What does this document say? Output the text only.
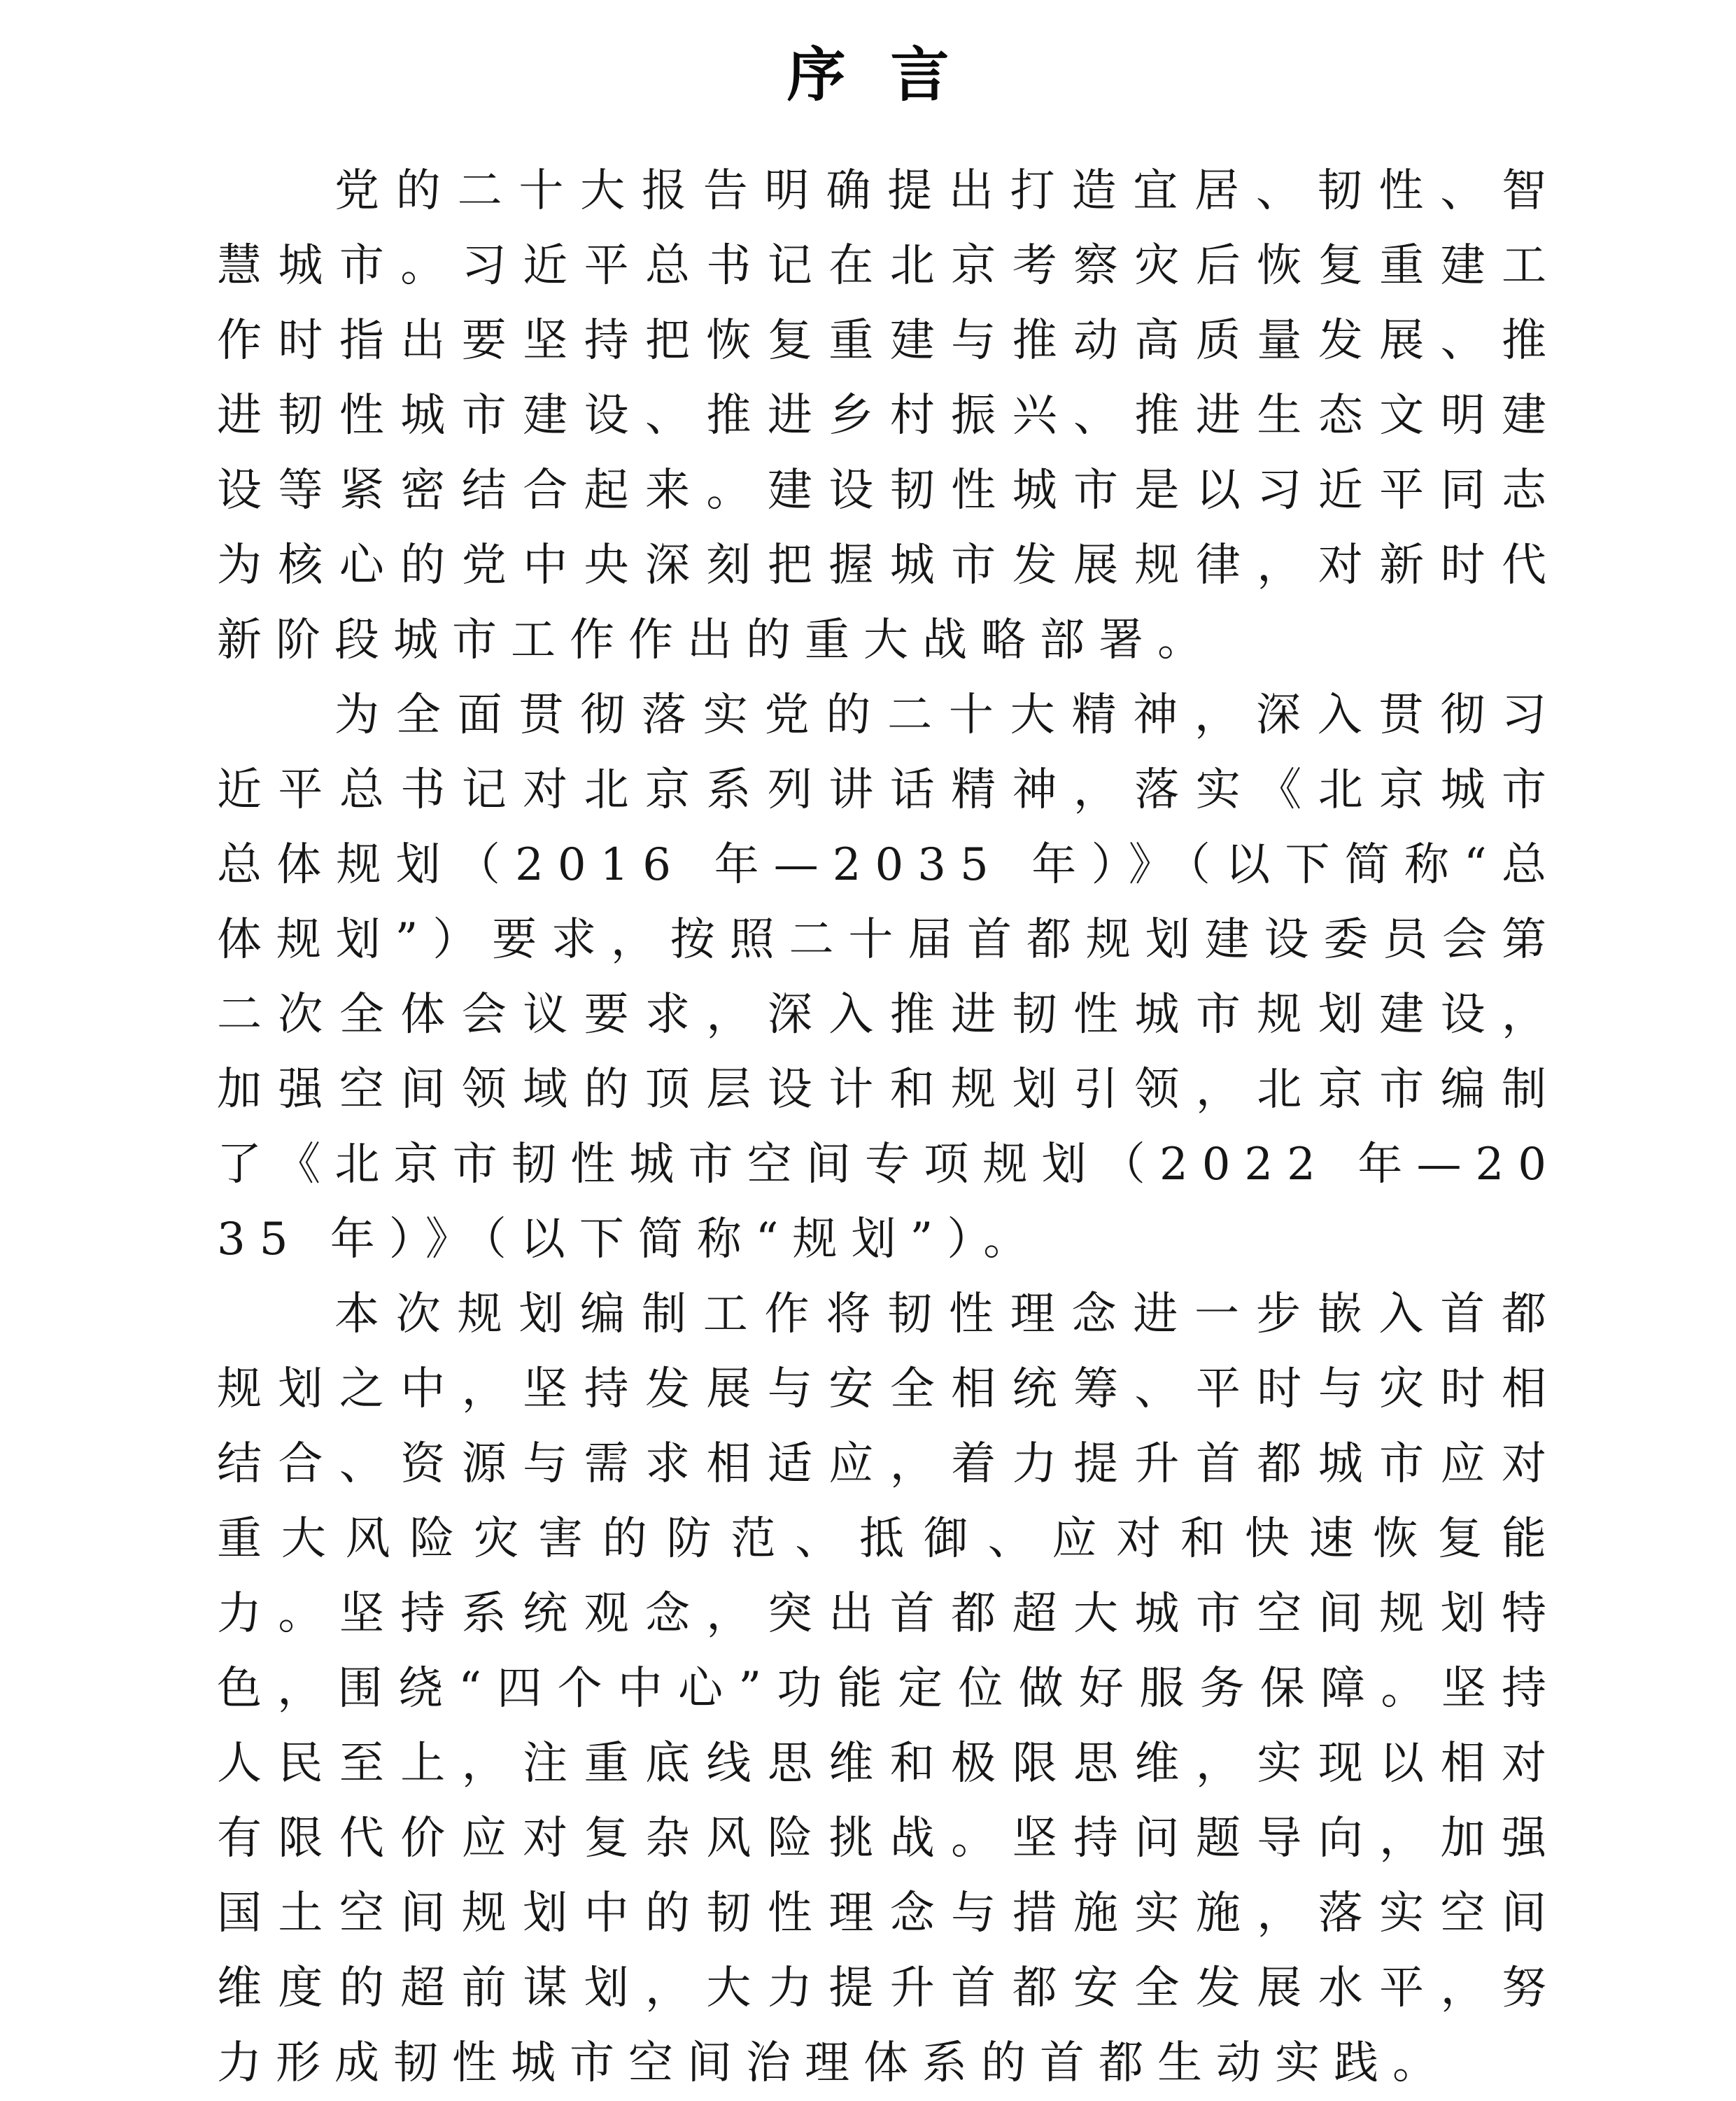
序言

党的二十大报告明确提出打造宜居、韧性、智慧城市。习近平总书记在北京考察灾后恢复重建工作时指出要坚持把恢复重建与推动高质量发展、推进韧性城市建设、推进乡村振兴、推进生态文明建设等紧密结合起来。建设韧性城市是以习近平同志为核心的党中央深刻把握城市发展规律，对新时代新阶段城市工作作出的重大战略部署。

为全面贯彻落实党的二十大精神，深入贯彻习近平总书记对北京系列讲话精神，落实《北京城市总体规划（2016 年—2035 年）》（以下简称“总体规划”）要求，按照二十届首都规划建设委员会第二次全体会议要求，深入推进韧性城市规划建设，加强空间领域的顶层设计和规划引领，北京市编制了《北京市韧性城市空间专项规划（2022 年—2035 年）》（以下简称“规划”）。

本次规划编制工作将韧性理念进一步嵌入首都规划之中，坚持发展与安全相统筹、平时与灾时相结合、资源与需求相适应，着力提升首都城市应对重大风险灾害的防范、抵御、应对和快速恢复能力。坚持系统观念，突出首都超大城市空间规划特色，围绕“四个中心”功能定位做好服务保障。坚持人民至上，注重底线思维和极限思维，实现以相对有限代价应对复杂风险挑战。坚持问题导向，加强国土空间规划中的韧性理念与措施实施，落实空间维度的超前谋划，大力提升首都安全发展水平，努力形成韧性城市空间治理体系的首都生动实践。
